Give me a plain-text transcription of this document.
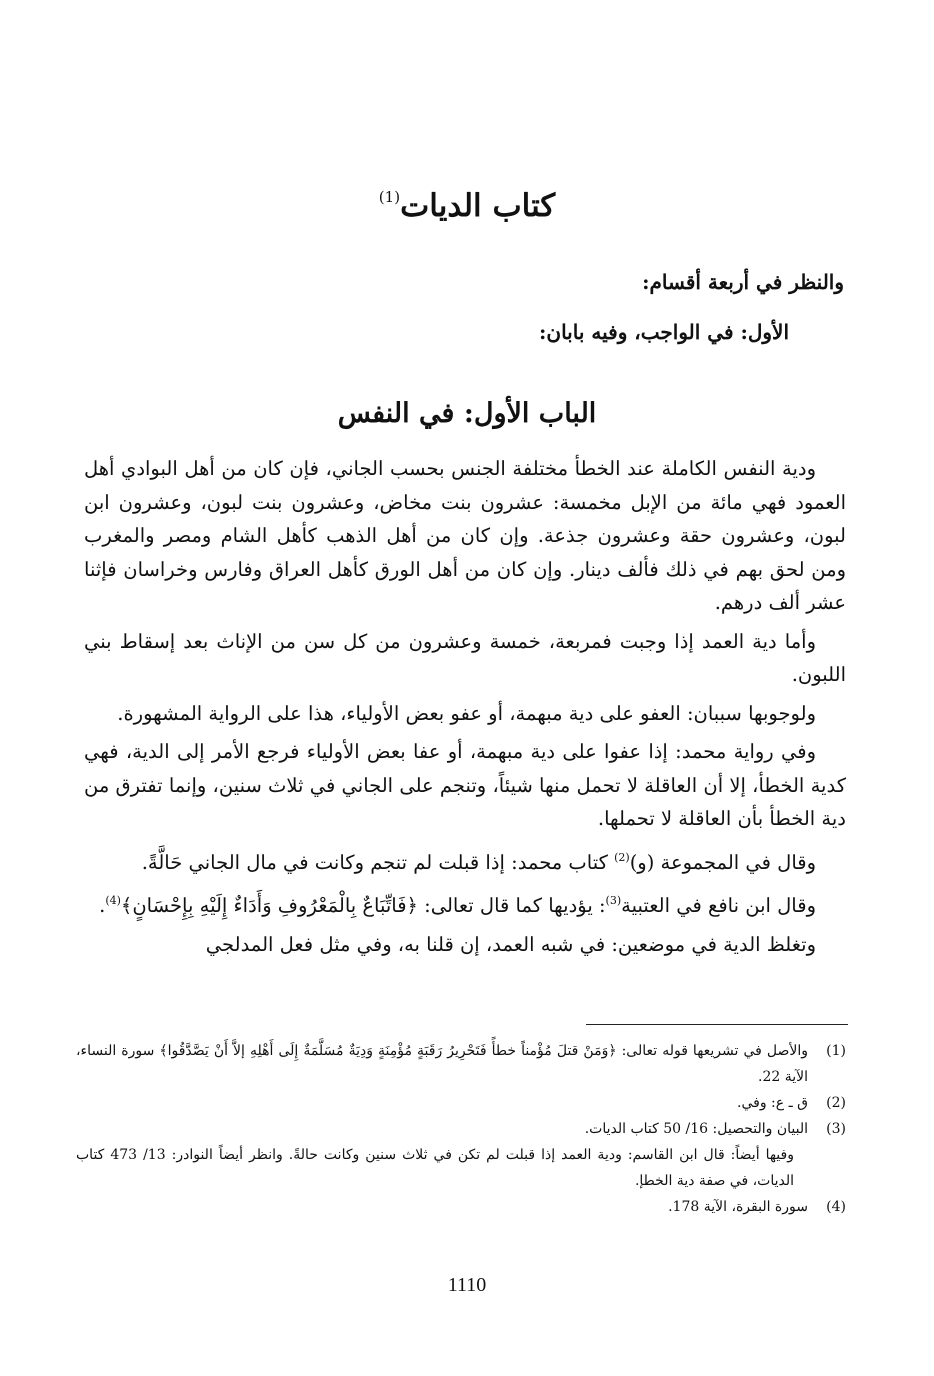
كتاب الديات$^{(1)}$
والنظر في أربعة أقسام:
الأول: في الواجب، وفيه بابان:
الباب الأول: في النفس

ودية النفس الكاملة عند الخطأ مختلفة الجنس بحسب الجاني، فإن كان من أهل البوادي أهل العمود فهي مائة من الإبل مخمسة: عشرون بنت مخاض، وعشرون بنت لبون، وعشرون ابن لبون، وعشرون حقة وعشرون جذعة. وإن كان من أهل الذهب كأهل الشام ومصر والمغرب ومن لحق بهم في ذلك فألف دينار. وإن كان من أهل الورق كأهل العراق وفارس وخراسان فإثنا عشر ألف درهم.

وأما دية العمد إذا وجبت فمربعة، خمسة وعشرون من كل سن من الإناث بعد إسقاط بني اللبون.

ولوجوبها سببان: العفو على دية مبهمة، أو عفو بعض الأولياء، هذا على الرواية المشهورة.

وفي رواية محمد: إذا عفوا على دية مبهمة، أو عفا بعض الأولياء فرجع الأمر إلى الدية، فهي كدية الخطأ، إلا أن العاقلة لا تحمل منها شيئاً، وتنجم على الجاني في ثلاث سنين، وإنما تفترق من دية الخطأ بأن العاقلة لا تحملها.

وقال في المجموعة (و)$^{(2)}$ كتاب محمد: إذا قبلت لم تنجم وكانت في مال الجاني حَالَّةً.

وقال ابن نافع في العتبية$^{(3)}$: يؤديها كما قال تعالى: ﴿فَاتِّبَاعٌ بِالْمَعْرُوفِ وَأَدَاءٌ إِلَيْهِ بِإِحْسَانٍ﴾$^{(4)}$.

وتغلظ الدية في موضعين: في شبه العمد، إن قلنا به، وفي مثل فعل المدلجي

(1)
والأصل في تشريعها قوله تعالى: ﴿وَمَنْ قتلَ مُؤْمناً خطأً فَتَحْرِيرُ رَقَبَةٍ مُؤْمِنَةٍ وَدِيَةٌ مُسَلَّمَةٌ إِلَى أَهْلِهِ إلاَّ أَنْ يَصَّدَّقُوا﴾ سورة النساء، الآية 22.
(2)
ق ـ ع: وفي.
(3)
البيان والتحصيل: 16/ 50 كتاب الديات.
وفيها أيضاً: قال ابن القاسم: ودية العمد إذا قبلت لم تكن في ثلاث سنين وكانت حالةً. وانظر أيضاً النوادر: 13/ 473 كتاب الديات، في صفة دية الخطإ.
(4)
سورة البقرة، الآية 178.
1110
